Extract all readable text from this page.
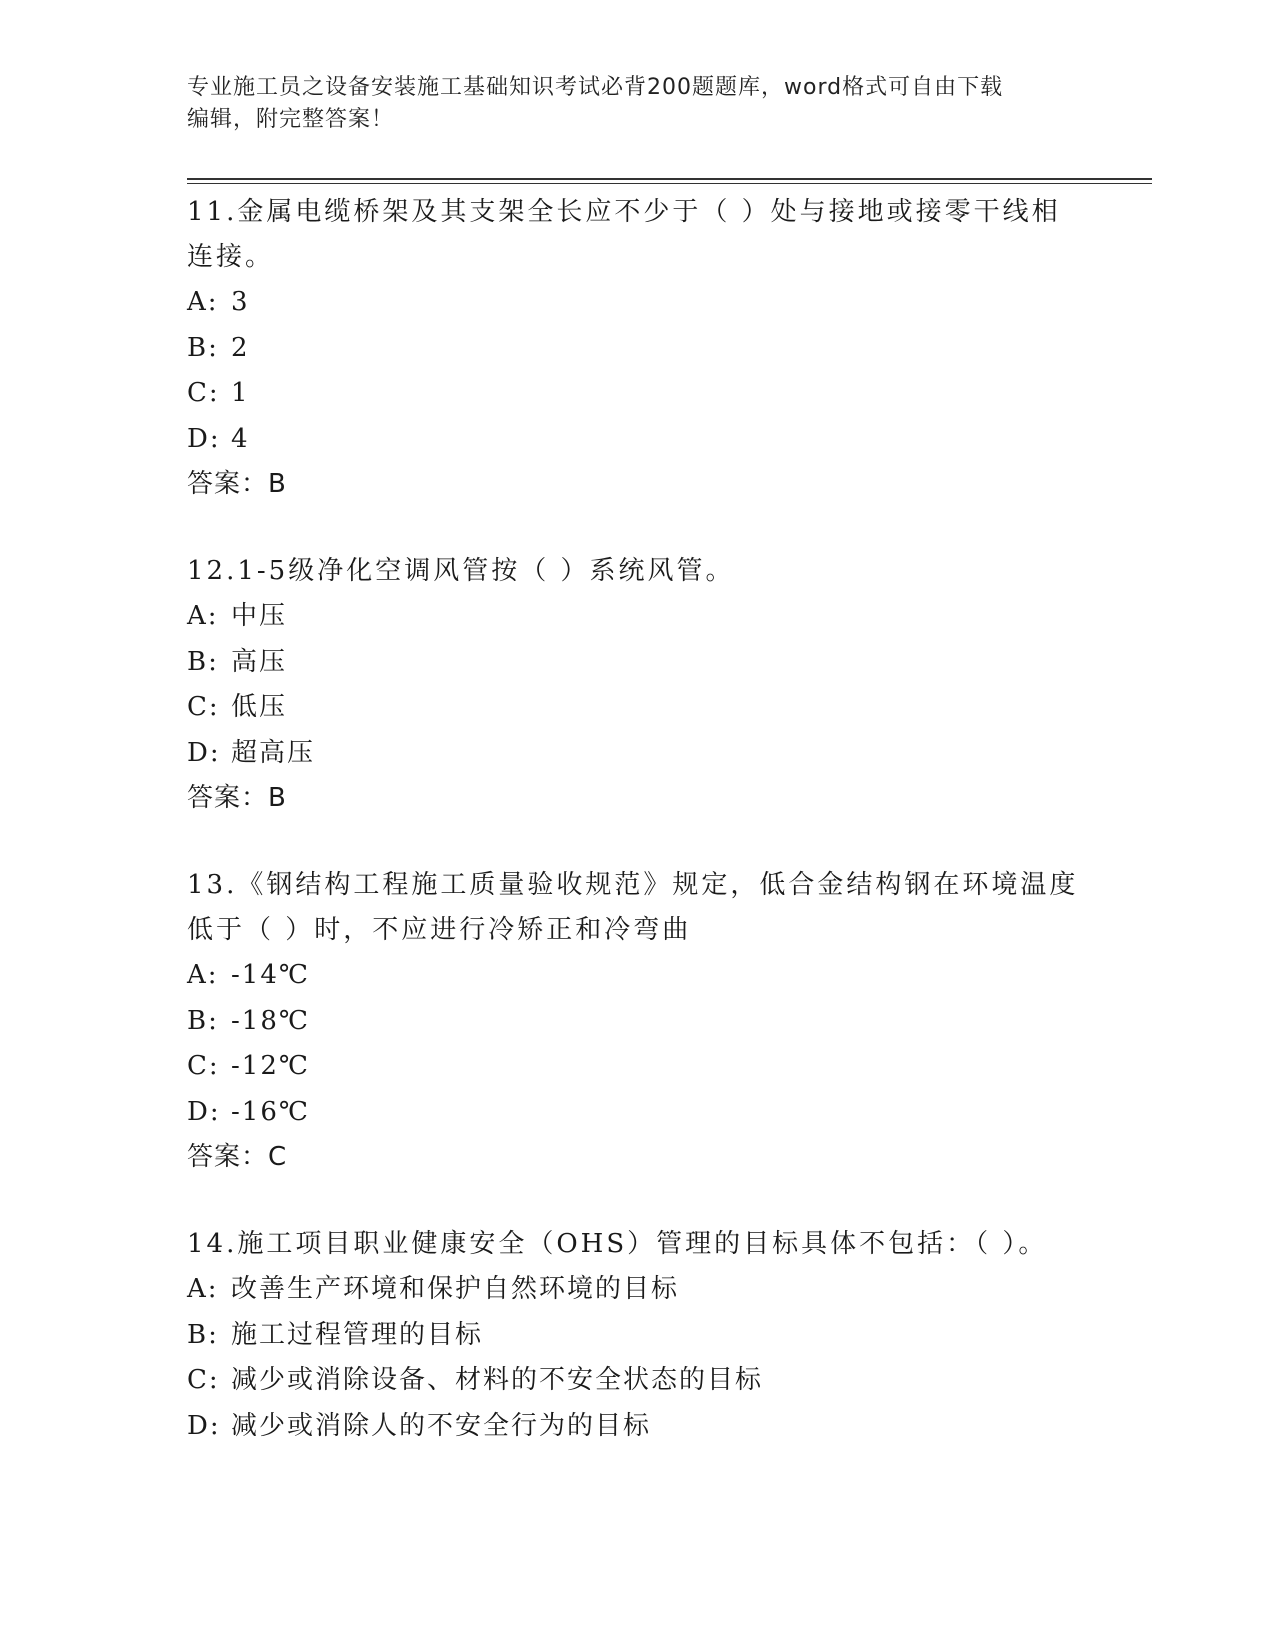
专业施工员之设备安装施工基础知识考试必背200题题库，word格式可自由下载
编辑，附完整答案！

11.金属电缆桥架及其支架全长应不少于（ ）处与接地或接零干线相连接。

A: 3

B: 2

C: 1

D: 4

答案：B

12.1-5级净化空调风管按（ ）系统风管。

A: 中压

B: 高压

C: 低压

D: 超高压

答案：B

13.《钢结构工程施工质量验收规范》规定，低合金结构钢在环境温度低于（ ）时，不应进行冷矫正和冷弯曲

A: -14℃

B: -18℃

C: -12℃

D: -16℃

答案：C

14.施工项目职业健康安全（OHS）管理的目标具体不包括：（ ）。

A: 改善生产环境和保护自然环境的目标

B: 施工过程管理的目标

C: 减少或消除设备、材料的不安全状态的目标

D: 减少或消除人的不安全行为的目标
